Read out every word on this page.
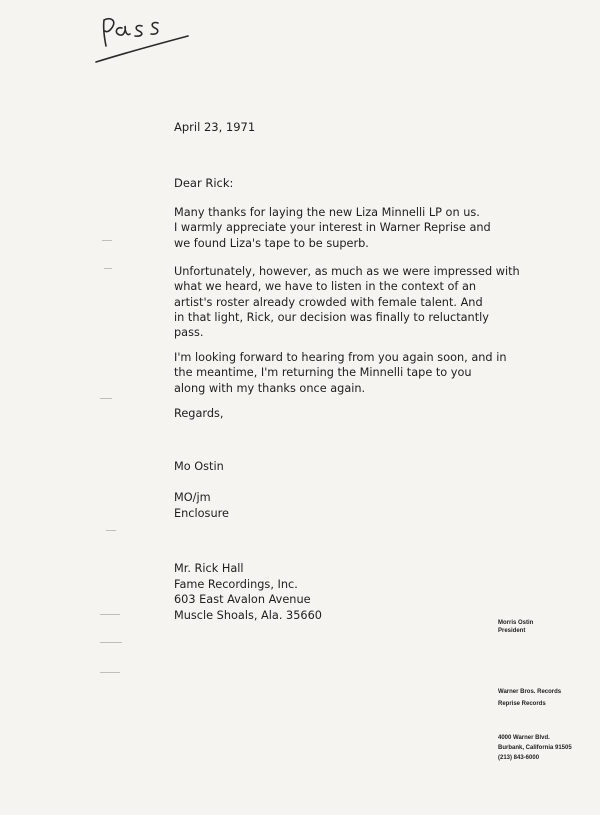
April 23, 1971
Dear Rick:

Many thanks for laying the new Liza Minnelli LP on us.

I warmly appreciate your interest in Warner Reprise and

we found Liza's tape to be superb.

Unfortunately, however, as much as we were impressed with

what we heard, we have to listen in the context of an

artist's roster already crowded with female talent. And

in that light, Rick, our decision was finally to reluctantly

pass.

I'm looking forward to hearing from you again soon, and in

the meantime, I'm returning the Minnelli tape to you

along with my thanks once again.

Regards,
Mo Ostin
MO/jm
Enclosure
Mr. Rick Hall
Fame Recordings, Inc.
603 East Avalon Avenue
Muscle Shoals, Ala. 35660
Morris Ostin
President
Warner Bros. Records
Reprise Records
4000 Warner Blvd.
Burbank, California 91505
(213) 843-6000
